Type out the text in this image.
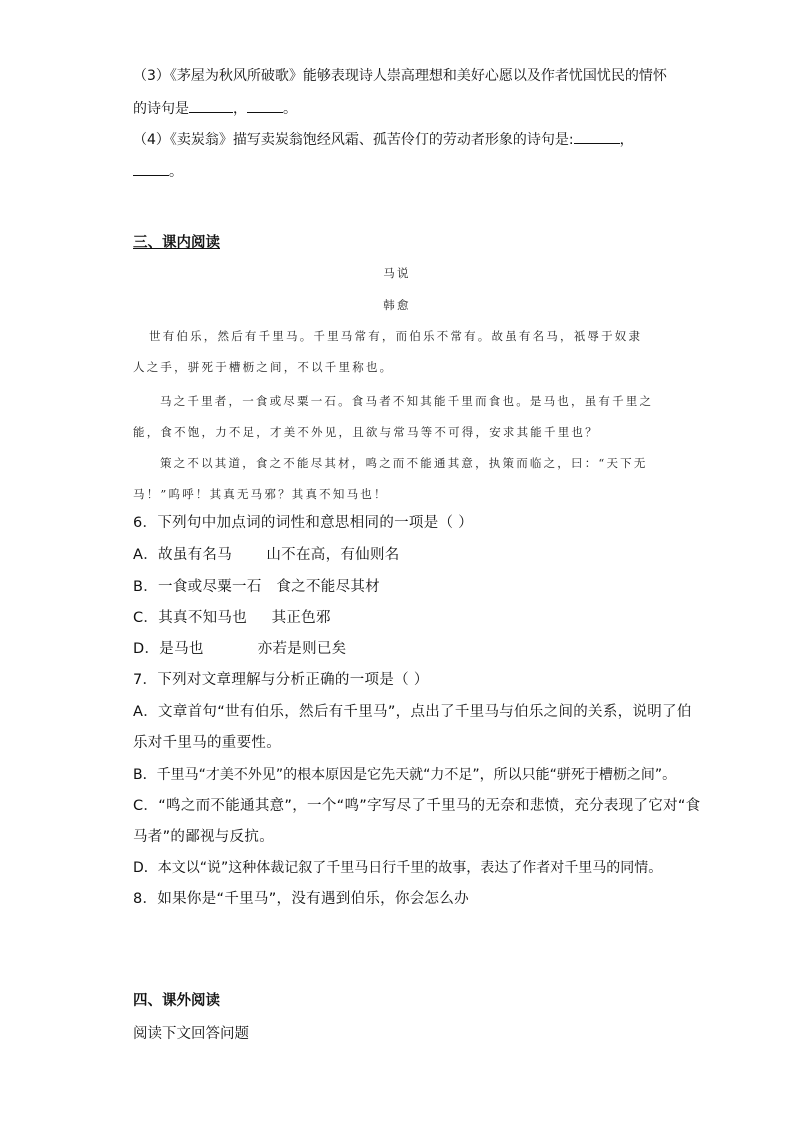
（3）《茅屋为秋风所破歌》能够表现诗人崇高理想和美好心愿以及作者忧国忧民的情怀
的诗句是	，	。
（4）《卖炭翁》描写卖炭翁饱经风霜、孤苦伶仃的劳动者形象的诗句是:	，
。
三、课内阅读
马说
韩愈
世有伯乐，然后有千里马。千里马常有，而伯乐不常有。故虽有名马，祇辱于奴隶
人之手，骈死于槽枥之间，不以千里称也。
马之千里者，一食或尽粟一石。食马者不知其能千里而食也。是马也，虽有千里之
能，食不饱，力不足，才美不外见，且欲与常马等不可得，安求其能千里也？
策之不以其道，食之不能尽其材，鸣之而不能通其意，执策而临之，曰：“天下无
马！”呜呼！其真无马邪？其真不知马也！
6．下列句中加点词的词性和意思相同的一项是（ ）
A．故虽有名马       山不在高，有仙则名
B．一食或尽粟一石   食之不能尽其材
C．其真不知马也     其正色邪
D．是马也           亦若是则已矣
7．下列对文章理解与分析正确的一项是（ ）
A．文章首句“世有伯乐，然后有千里马”，点出了千里马与伯乐之间的关系，说明了伯
乐对千里马的重要性。
B．千里马“才美不外见”的根本原因是它先天就“力不足”，所以只能“骈死于槽枥之间”。
C．“鸣之而不能通其意”，一个“鸣”字写尽了千里马的无奈和悲愤，充分表现了它对“食
马者”的鄙视与反抗。
D．本文以“说”这种体裁记叙了千里马日行千里的故事，表达了作者对千里马的同情。
8．如果你是“千里马”，没有遇到伯乐，你会怎么办
四、课外阅读
阅读下文回答问题
